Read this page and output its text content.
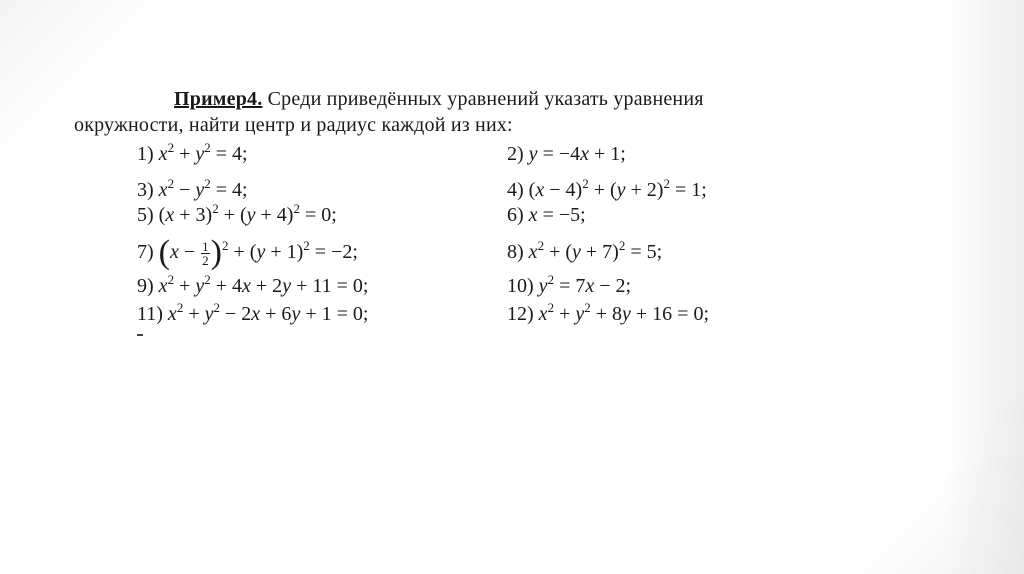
Пример4. Среди приведённых уравнений указать уравнения
окружности, найти центр и радиус каждой из них:
1) $x^2 + y^2 = 4$;
3) $x^2 - y^2 = 4$;
5) $(x + 3)^2 + (y + 4)^2 = 0$;
7) $(x - \frac{1}{2} )^2 + (y + 1)^2 = -2$;
9) $x^2 + y^2 + 4x + 2y + 11 = 0$;
11) $x^2 + y^2 - 2x + 6y + 1 = 0$;
2) y = −4x + 1;
4) $(x - 4)^2 + (y + 2)^2 = 1$;
6) x = −5;
8) $x^2 + (y + 7)^2 = 5$;
10) $y^2 = 7x - 2$;
12) $x^2 + y^2 + 8y + 16 = 0$;
